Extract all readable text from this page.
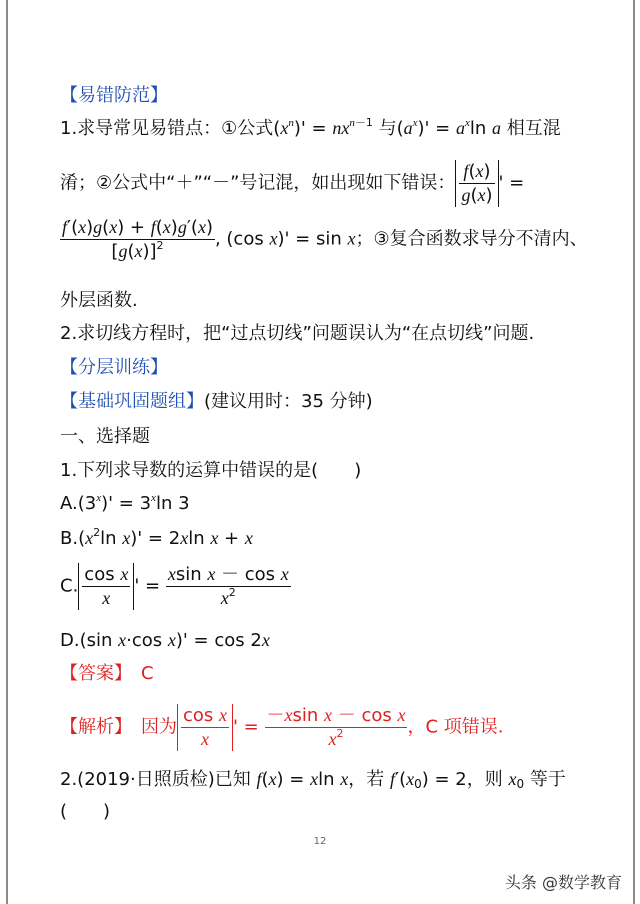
【易错防范】
1.求导常见易错点：①公式$(x^n)' = nx^{n-1}$ 与$(a^x)' = a^x\ln$ a 相互混
淆；②公式中“＋”“－”号记混，如出现如下错误： $\frac{f(x)}{g(x)}$ ' =
$\frac{f'(x)g(x) + f(x)g'(x)}{[g(x)]^2}$ , (cos x)' = sin x；③复合函数求导分不清内、
外层函数.
2.求切线方程时，把“过点切线”问题误认为“在点切线”问题.
【分层训练】
【基础巩固题组】(建议用时：35 分钟)
一、选择题
1.下列求导数的运算中错误的是(　　)
$A.(3^x)' = 3^x\ln$ 3
$B.(x^2\ln$ x)' = 2xln x + x
C. $\frac{\text{cos x}}{x}$ ' = $\frac{\text{xsin x － cos x}}{x^2}$
D.(sin x·cos x)' = cos 2x
【答案】　 C
【解析】　 因为 $\frac{\text{cos x}}{x}$ ' = $\frac{\text{－xsin x － cos x}}{x^2}$ ，C 项错误.
2.(2019·日照质检)已知 f(x) = xln x，若 $f'(x_0) = 2$，则 $x_0$ 等于
(　　)
12
头条 @数学教育
